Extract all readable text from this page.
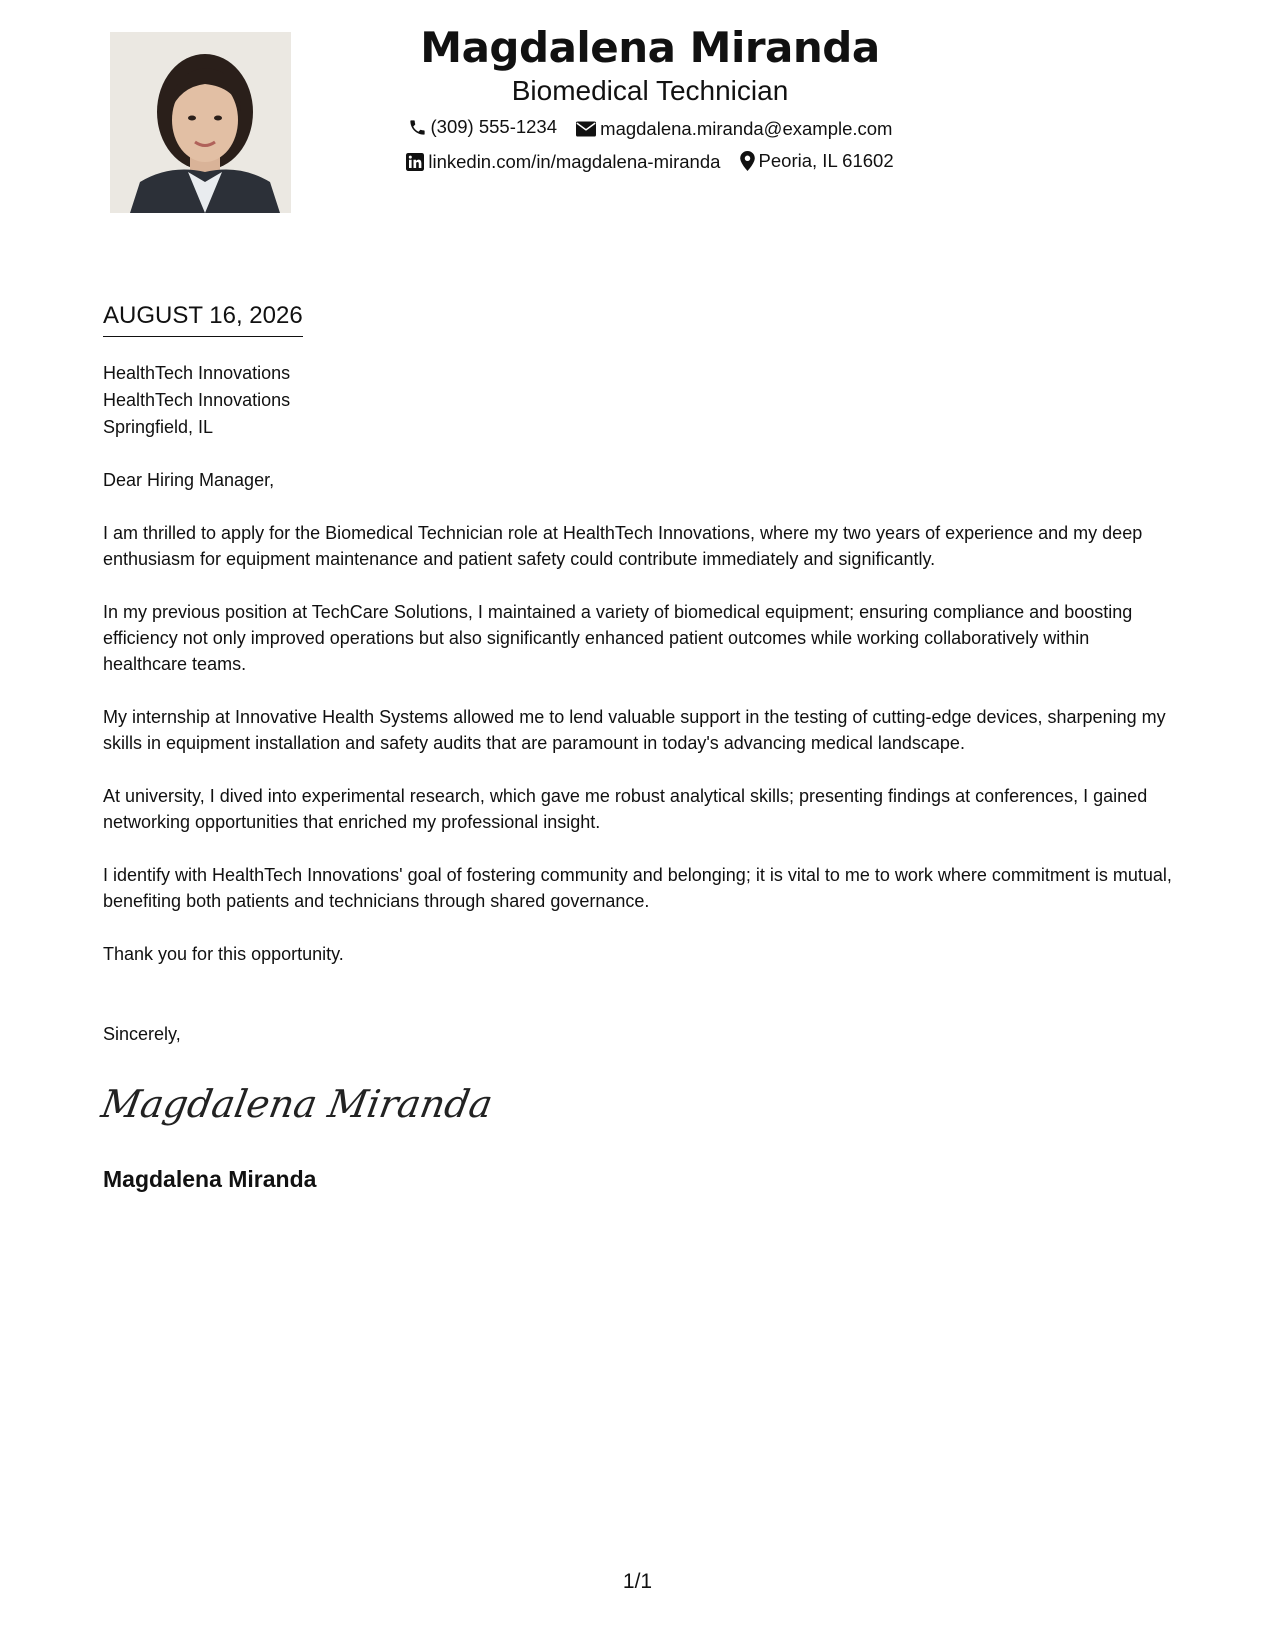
Magdalena Miranda
Biomedical Technician
(309) 555-1234
magdalena.miranda@example.com
linkedin.com/in/magdalena-miranda
Peoria, IL 61602
AUGUST 16, 2026
HealthTech Innovations
HealthTech Innovations
Springfield, IL

Dear Hiring Manager,

I am thrilled to apply for the Biomedical Technician role at HealthTech Innovations, where my two years of experience and my deep enthusiasm for equipment maintenance and patient safety could contribute immediately and significantly.

In my previous position at TechCare Solutions, I maintained a variety of biomedical equipment; ensuring compliance and boosting efficiency not only improved operations but also significantly enhanced patient outcomes while working collaboratively within healthcare teams.

My internship at Innovative Health Systems allowed me to lend valuable support in the testing of cutting-edge devices, sharpening my skills in equipment installation and safety audits that are paramount in today's advancing medical landscape.

At university, I dived into experimental research, which gave me robust analytical skills; presenting findings at conferences, I gained networking opportunities that enriched my professional insight.

I identify with HealthTech Innovations' goal of fostering community and belonging; it is vital to me to work where commitment is mutual, benefiting both patients and technicians through shared governance.

Thank you for this opportunity.

Sincerely,
Magdalena Miranda
Magdalena Miranda
1/1
